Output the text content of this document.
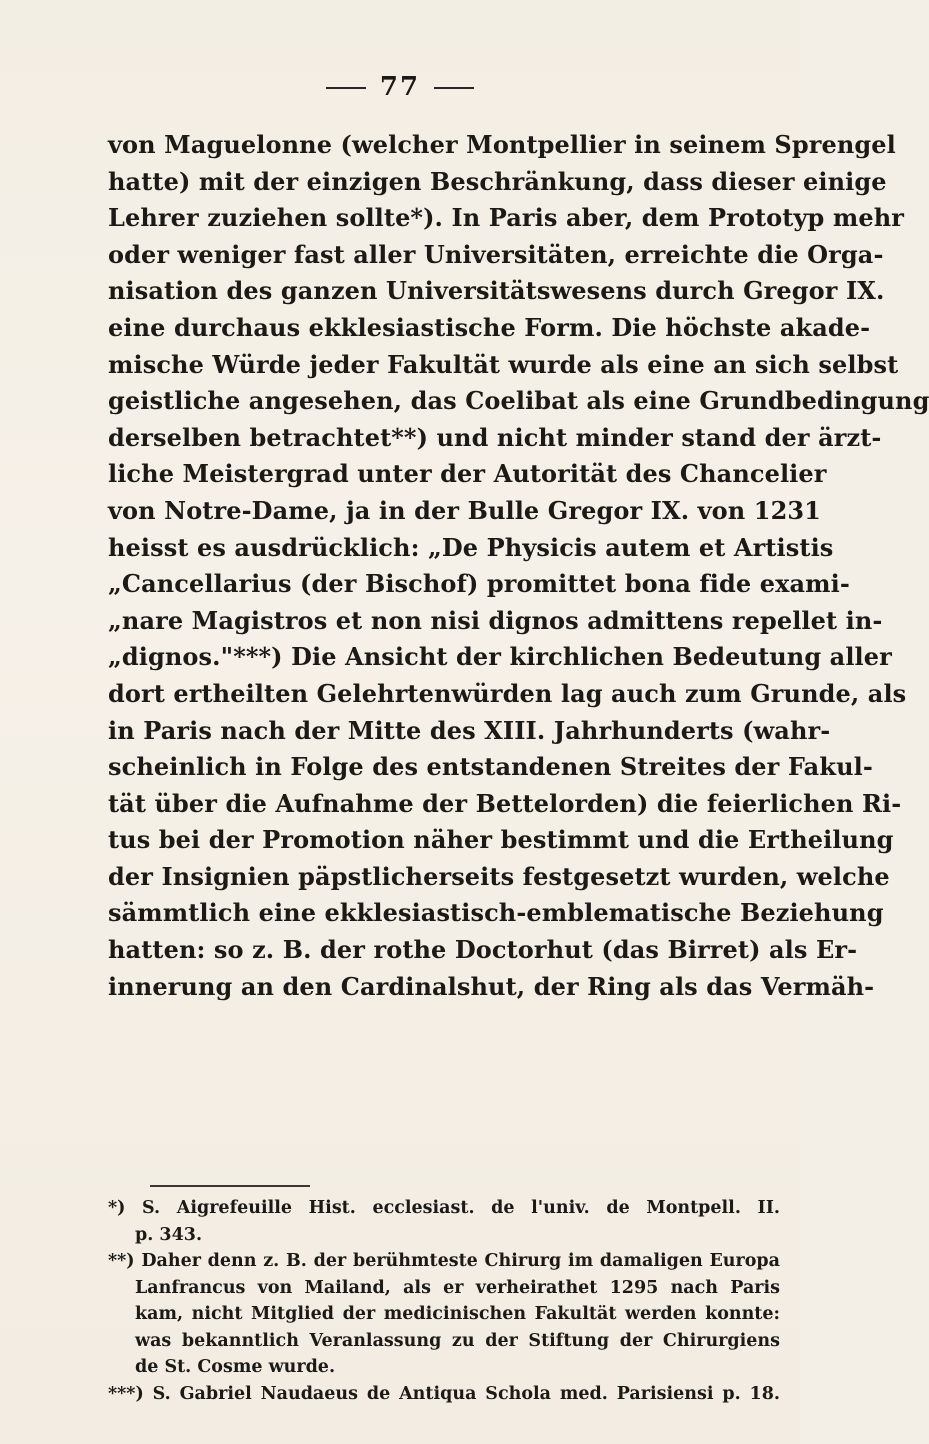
77
von Maguelonne (welcher Montpellier in seinem Sprengel
hatte) mit der einzigen Beschränkung, dass dieser einige
Lehrer zuziehen sollte*). In Paris aber, dem Prototyp mehr
oder weniger fast aller Universitäten, erreichte die Orga-
nisation des ganzen Universitätswesens durch Gregor IX.
eine durchaus ekklesiastische Form. Die höchste akade-
mische Würde jeder Fakultät wurde als eine an sich selbst
geistliche angesehen, das Coelibat als eine Grundbedingung
derselben betrachtet**) und nicht minder stand der ärzt-
liche Meistergrad unter der Autorität des Chancelier
von Notre-Dame, ja in der Bulle Gregor IX. von 1231
heisst es ausdrücklich: „De Physicis autem et Artistis
„Cancellarius (der Bischof) promittet bona fide exami-
„nare Magistros et non nisi dignos admittens repellet in-
„dignos."***) Die Ansicht der kirchlichen Bedeutung aller
dort ertheilten Gelehrtenwürden lag auch zum Grunde, als
in Paris nach der Mitte des XIII. Jahrhunderts (wahr-
scheinlich in Folge des entstandenen Streites der Fakul-
tät über die Aufnahme der Bettelorden) die feierlichen Ri-
tus bei der Promotion näher bestimmt und die Ertheilung
der Insignien päpstlicherseits festgesetzt wurden, welche
sämmtlich eine ekklesiastisch-emblematische Beziehung
hatten: so z. B. der rothe Doctorhut (das Birret) als Er-
innerung an den Cardinalshut, der Ring als das Vermäh-
*) S. Aigrefeuille Hist. ecclesiast. de l'univ. de Montpell. II.
p. 343.
**) Daher denn z. B. der berühmteste Chirurg im damaligen Europa
Lanfrancus von Mailand, als er verheirathet 1295 nach Paris
kam, nicht Mitglied der medicinischen Fakultät werden konnte:
was bekanntlich Veranlassung zu der Stiftung der Chirurgiens
de St. Cosme wurde.
***) S. Gabriel Naudaeus de Antiqua Schola med. Parisiensi p. 18.
